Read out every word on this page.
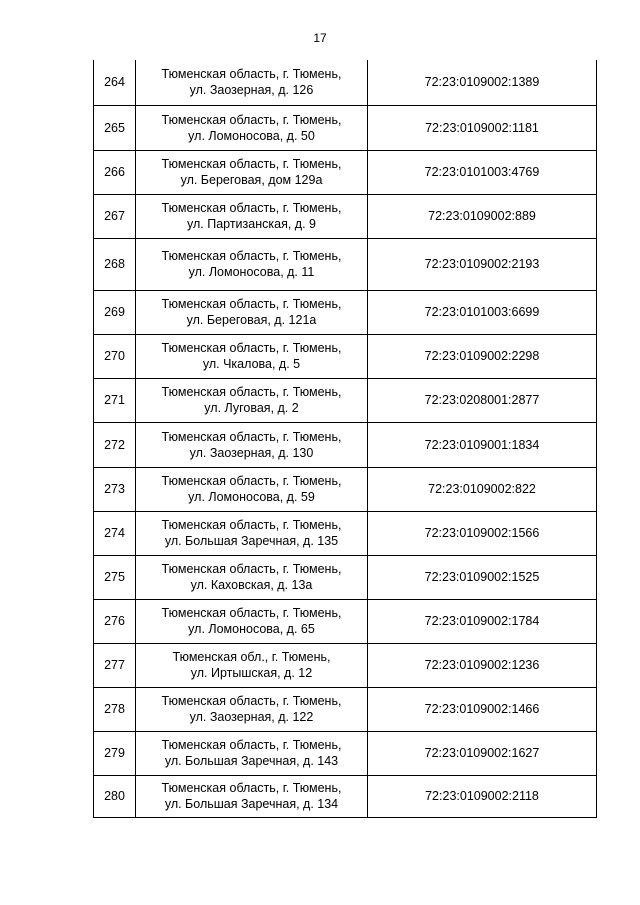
17
264	Тюменская область, г. Тюмень,
ул. Заозерная, д. 126	72:23:0109002:1389
265	Тюменская область, г. Тюмень,
ул. Ломоносова, д. 50	72:23:0109002:1181
266	Тюменская область, г. Тюмень,
ул. Береговая, дом 129а	72:23:0101003:4769
267	Тюменская область, г. Тюмень,
ул. Партизанская, д. 9	72:23:0109002:889
268	Тюменская область, г. Тюмень,
ул. Ломоносова, д. 11	72:23:0109002:2193
269	Тюменская область, г. Тюмень,
ул. Береговая, д. 121а	72:23:0101003:6699
270	Тюменская область, г. Тюмень,
ул. Чкалова, д. 5	72:23:0109002:2298
271	Тюменская область, г. Тюмень,
ул. Луговая, д. 2	72:23:0208001:2877
272	Тюменская область, г. Тюмень,
ул. Заозерная, д. 130	72:23:0109001:1834
273	Тюменская область, г. Тюмень,
ул. Ломоносова, д. 59	72:23:0109002:822
274	Тюменская область, г. Тюмень,
ул. Большая Заречная, д. 135	72:23:0109002:1566
275	Тюменская область, г. Тюмень,
ул. Каховская, д. 13а	72:23:0109002:1525
276	Тюменская область, г. Тюмень,
ул. Ломоносова, д. 65	72:23:0109002:1784
277	Тюменская обл., г. Тюмень,
ул. Иртышская, д. 12	72:23:0109002:1236
278	Тюменская область, г. Тюмень,
ул. Заозерная, д. 122	72:23:0109002:1466
279	Тюменская область, г. Тюмень,
ул. Большая Заречная, д. 143	72:23:0109002:1627
280	Тюменская область, г. Тюмень,
ул. Большая Заречная, д. 134	72:23:0109002:2118
